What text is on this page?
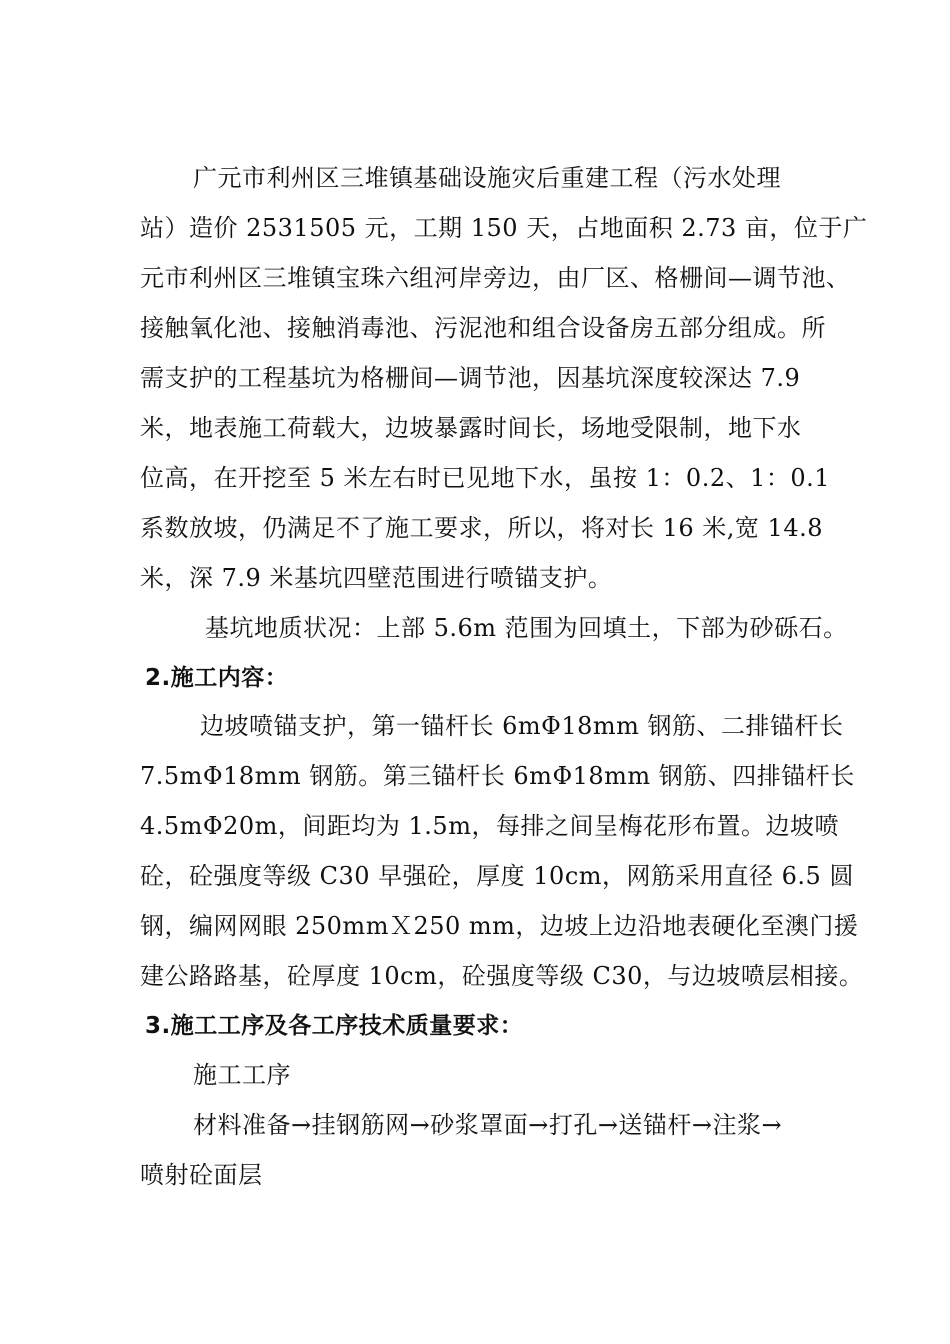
广元市利州区三堆镇基础设施灾后重建工程（污水处理
站）造价 2531505 元，工期 150 天，占地面积 2.73 亩，位于广
元市利州区三堆镇宝珠六组河岸旁边，由厂区、格栅间—调节池、
接触氧化池、接触消毒池、污泥池和组合设备房五部分组成。所
需支护的工程基坑为格栅间—调节池，因基坑深度较深达 7.9
米，地表施工荷载大，边坡暴露时间长，场地受限制，地下水
位高，在开挖至 5 米左右时已见地下水，虽按 1：0.2、1：0.1
系数放坡，仍满足不了施工要求，所以，将对长 16 米,宽 14.8
米，深 7.9 米基坑四壁范围进行喷锚支护。
基坑地质状况：上部 5.6m 范围为回填土，下部为砂砾石。
2.施工内容：
边坡喷锚支护，第一锚杆长 6mΦ18mm 钢筋、二排锚杆长
7.5mΦ18mm 钢筋。第三锚杆长 6mΦ18mm 钢筋、四排锚杆长
4.5mΦ20m，间距均为 1.5m，每排之间呈梅花形布置。边坡喷
砼，砼强度等级 C30 早强砼，厚度 10cm，网筋采用直径 6.5 圆
钢，编网网眼 250mmＸ250 mm，边坡上边沿地表硬化至澳门援
建公路路基，砼厚度 10cm，砼强度等级 C30，与边坡喷层相接。
3.施工工序及各工序技术质量要求：
施工工序
材料准备→挂钢筋网→砂浆罩面→打孔→送锚杆→注浆→
喷射砼面层
